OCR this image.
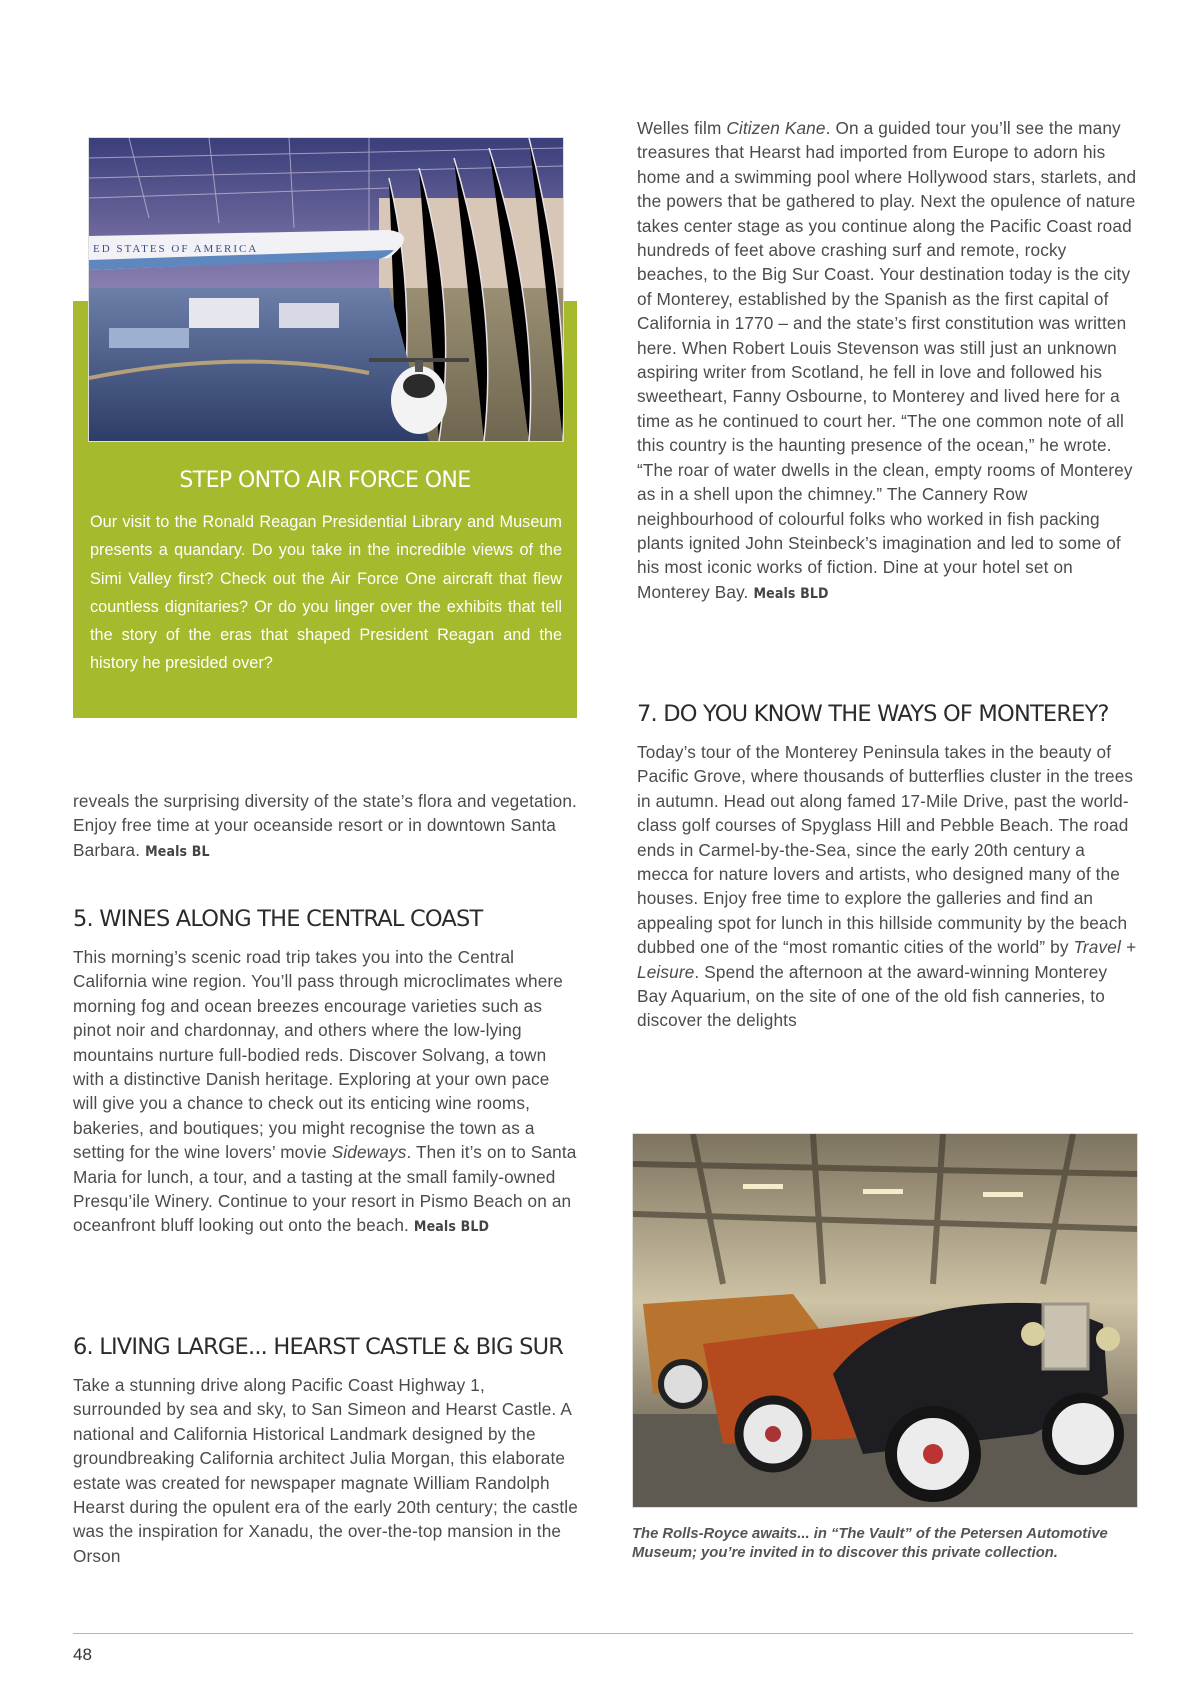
ED STATES OF AMERICA
STEP ONTO AIR FORCE ONE
Our visit to the Ronald Reagan Presidential Library and Museum presents a quandary. Do you take in the incredible views of the Simi Valley first? Check out the Air Force One aircraft that flew countless dignitaries? Or do you linger over the exhibits that tell the story of the eras that shaped President Reagan and the history he presided over?

reveals the surprising diversity of the state’s flora and vegetation. Enjoy free time at your oceanside resort or in downtown Santa Barbara. Meals BL

5. WINES ALONG THE CENTRAL COAST

This morning’s scenic road trip takes you into the Central California wine region. You’ll pass through microclimates where morning fog and ocean breezes encourage varieties such as pinot noir and chardonnay, and others where the low-lying mountains nurture full-bodied reds. Discover Solvang, a town with a distinctive Danish heritage. Exploring at your own pace will give you a chance to check out its enticing wine rooms, bakeries, and boutiques; you might recognise the town as a setting for the wine lovers’ movie Sideways. Then it’s on to Santa Maria for lunch, a tour, and a tasting at the small family-owned Presqu’ile Winery. Continue to your resort in Pismo Beach on an oceanfront bluff looking out onto the beach. Meals BLD

6. LIVING LARGE... HEARST CASTLE & BIG SUR

Take a stunning drive along Pacific Coast Highway 1, surrounded by sea and sky, to San Simeon and Hearst Castle. A national and California Historical Landmark designed by the groundbreaking California architect Julia Morgan, this elaborate estate was created for newspaper magnate William Randolph Hearst during the opulent era of the early 20th century; the castle was the inspiration for Xanadu, the over-the-top mansion in the Orson

Welles film Citizen Kane. On a guided tour you’ll see the many treasures that Hearst had imported from Europe to adorn his home and a swimming pool where Hollywood stars, starlets, and the powers that be gathered to play. Next the opulence of nature takes center stage as you continue along the Pacific Coast road hundreds of feet above crashing surf and remote, rocky beaches, to the Big Sur Coast. Your destination today is the city of Monterey, established by the Spanish as the first capital of California in 1770 – and the state’s first constitution was written here. When Robert Louis Stevenson was still just an unknown aspiring writer from Scotland, he fell in love and followed his sweetheart, Fanny Osbourne, to Monterey and lived here for a time as he continued to court her. “The one common note of all this country is the haunting presence of the ocean,” he wrote. “The roar of water dwells in the clean, empty rooms of Monterey as in a shell upon the chimney.” The Cannery Row neighbourhood of colourful folks who worked in fish packing plants ignited John Steinbeck’s imagination and led to some of his most iconic works of fiction. Dine at your hotel set on Monterey Bay. Meals BLD

7. DO YOU KNOW THE WAYS OF MONTEREY?

Today’s tour of the Monterey Peninsula takes in the beauty of Pacific Grove, where thousands of butterflies cluster in the trees in autumn. Head out along famed 17-Mile Drive, past the world-class golf courses of Spyglass Hill and Pebble Beach. The road ends in Carmel-by-the-Sea, since the early 20th century a mecca for nature lovers and artists, who designed many of the houses. Enjoy free time to explore the galleries and find an appealing spot for lunch in this hillside community by the beach dubbed one of the “most romantic cities of the world” by Travel + Leisure. Spend the afternoon at the award-winning Monterey Bay Aquarium, on the site of one of the old fish canneries, to discover the delights

The Rolls-Royce awaits... in “The Vault” of the Petersen Automotive Museum; you’re invited in to discover this private collection.
48
